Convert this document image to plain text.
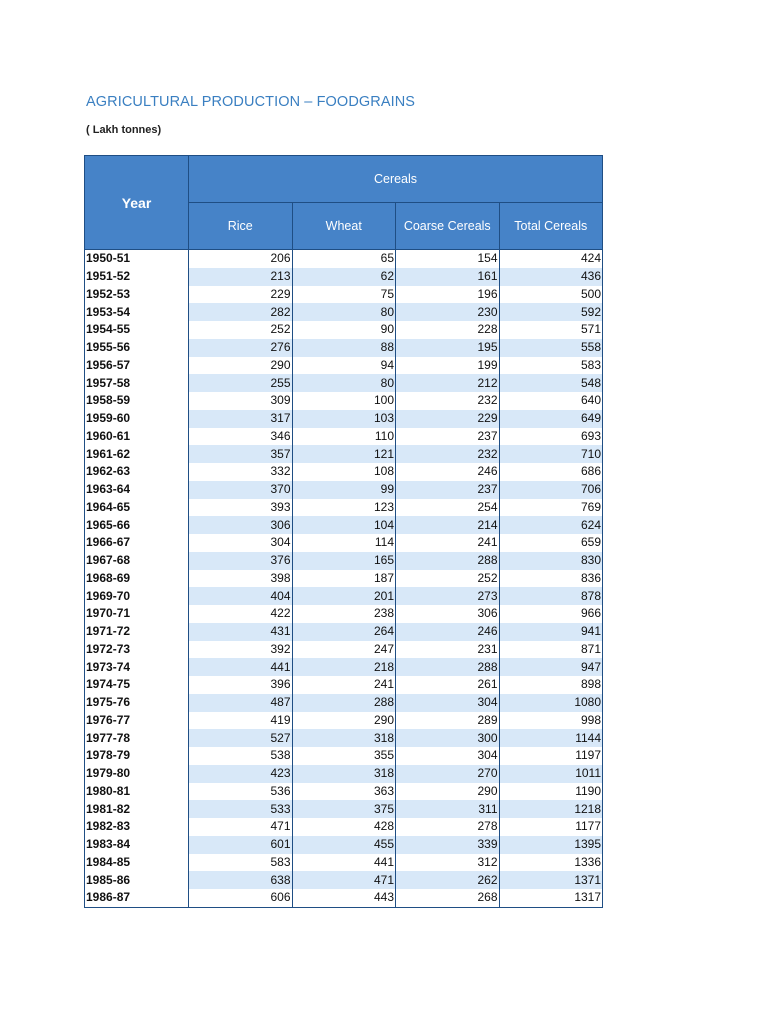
AGRICULTURAL PRODUCTION – FOODGRAINS
( Lakh tonnes)
Year	Cereals			
	Rice	Wheat	Coarse Cereals	Total Cereals
1950-51	206	65	154	424
1951-52	213	62	161	436
1952-53	229	75	196	500
1953-54	282	80	230	592
1954-55	252	90	228	571
1955-56	276	88	195	558
1956-57	290	94	199	583
1957-58	255	80	212	548
1958-59	309	100	232	640
1959-60	317	103	229	649
1960-61	346	110	237	693
1961-62	357	121	232	710
1962-63	332	108	246	686
1963-64	370	99	237	706
1964-65	393	123	254	769
1965-66	306	104	214	624
1966-67	304	114	241	659
1967-68	376	165	288	830
1968-69	398	187	252	836
1969-70	404	201	273	878
1970-71	422	238	306	966
1971-72	431	264	246	941
1972-73	392	247	231	871
1973-74	441	218	288	947
1974-75	396	241	261	898
1975-76	487	288	304	1080
1976-77	419	290	289	998
1977-78	527	318	300	1144
1978-79	538	355	304	1197
1979-80	423	318	270	1011
1980-81	536	363	290	1190
1981-82	533	375	311	1218
1982-83	471	428	278	1177
1983-84	601	455	339	1395
1984-85	583	441	312	1336
1985-86	638	471	262	1371
1986-87	606	443	268	1317
